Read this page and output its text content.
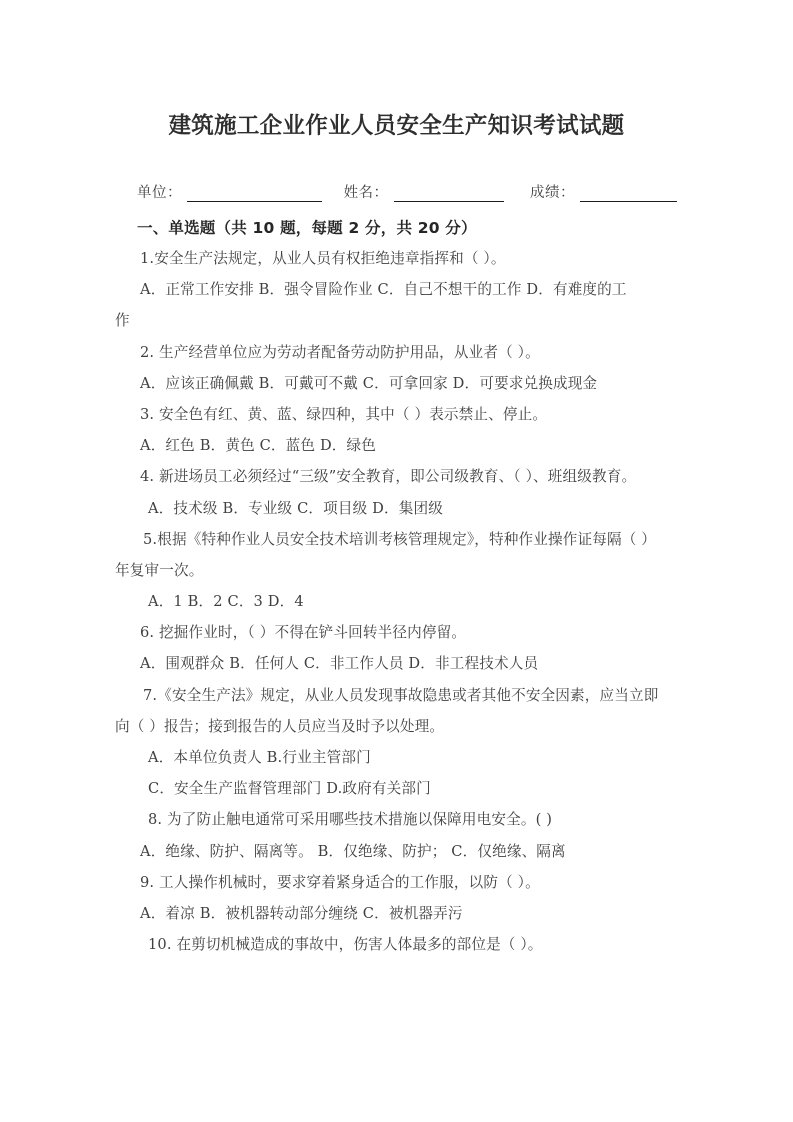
建筑施工企业作业人员安全生产知识考试试题
单位：	姓名：	成绩：
一、单选题（共 10 题，每题 2 分，共 20 分）
1.安全生产法规定，从业人员有权拒绝违章指挥和（ ）。
A．正常工作安排 B．强令冒险作业 C．自己不想干的工作 D．有难度的工
作
2. 生产经营单位应为劳动者配备劳动防护用品，从业者（ ）。
A．应该正确佩戴 B．可戴可不戴 C．可拿回家 D．可要求兑换成现金
3. 安全色有红、黄、蓝、绿四种，其中（ ）表示禁止、停止。
A．红色 B．黄色 C．蓝色 D．绿色
4. 新进场员工必须经过“三级”安全教育，即公司级教育、（ ）、班组级教育。
A．技术级 B．专业级 C．项目级 D．集团级
5.根据《特种作业人员安全技术培训考核管理规定》，特种作业操作证每隔（ ）
年复审一次。
A．1 B．2 C．3 D．4
6. 挖掘作业时，（ ）不得在铲斗回转半径内停留。
A．围观群众 B．任何人 C．非工作人员 D．非工程技术人员
7.《安全生产法》规定，从业人员发现事故隐患或者其他不安全因素，应当立即
向（ ）报告；接到报告的人员应当及时予以处理。
A．本单位负责人 B.行业主管部门
C．安全生产监督管理部门 D.政府有关部门
8. 为了防止触电通常可采用哪些技术措施以保障用电安全。( )
A．绝缘、防护、隔离等。 B．仅绝缘、防护； C．仅绝缘、隔离
9. 工人操作机械时，要求穿着紧身适合的工作服，以防（ ）。
A．着凉 B．被机器转动部分缠绕 C．被机器弄污
10. 在剪切机械造成的事故中，伤害人体最多的部位是（ ）。
